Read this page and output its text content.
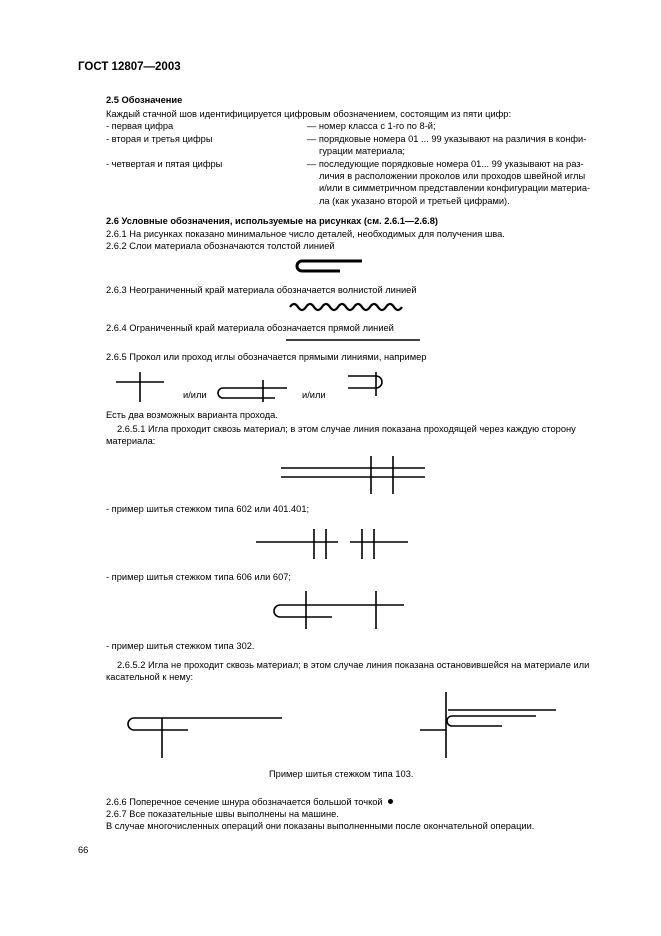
ГОСТ 12807—2003
2.5 Обозначение
Каждый стачной шов идентифицируется цифровым обозначением, состоящим из пяти цифр:
- первая цифра	— номер класса с 1-го по 8-й;
- вторая и третья цифры	— порядковые номера 01 ... 99 указывают на различия в конфи-
гурации материала;
- четвертая и пятая цифры	— последующие порядковые номера 01... 99 указывают на раз-
личия в расположении проколов или проходов швейной иглы
и/или в симметричном представлении конфигурации материа-
ла (как указано второй и третьей цифрами).
2.6 Условные обозначения, используемые на рисунках (см. 2.6.1—2.6.8)
2.6.1 На рисунках показано минимальное число деталей, необходимых для получения шва.
2.6.2 Слои материала обозначаются толстой линией
2.6.3 Неограниченный край материала обозначается волнистой линией
2.6.4 Ограниченный край материала обозначается прямой линией
2.6.5 Прокол или проход иглы обозначается прямыми линиями, например
и/или	и/или
Есть два возможных варианта прохода.
2.6.5.1 Игла проходит сквозь материал; в этом случае линия показана проходящей через каждую сторону
материала:
- пример шитья стежком типа 602 или 401.401;
- пример шитья стежком типа 606 или 607;
- пример шитья стежком типа 302.
2.6.5.2 Игла не проходит сквозь материал; в этом случае линия показана остановившейся на материале или
касательной к нему:
Пример шитья стежком типа 103.
2.6.6 Поперечное сечение шнура обозначается большой точкой
2.6.7 Все показательные швы выполнены на машине.
В случае многочисленных операций они показаны выполненными после окончательной операции.
66
